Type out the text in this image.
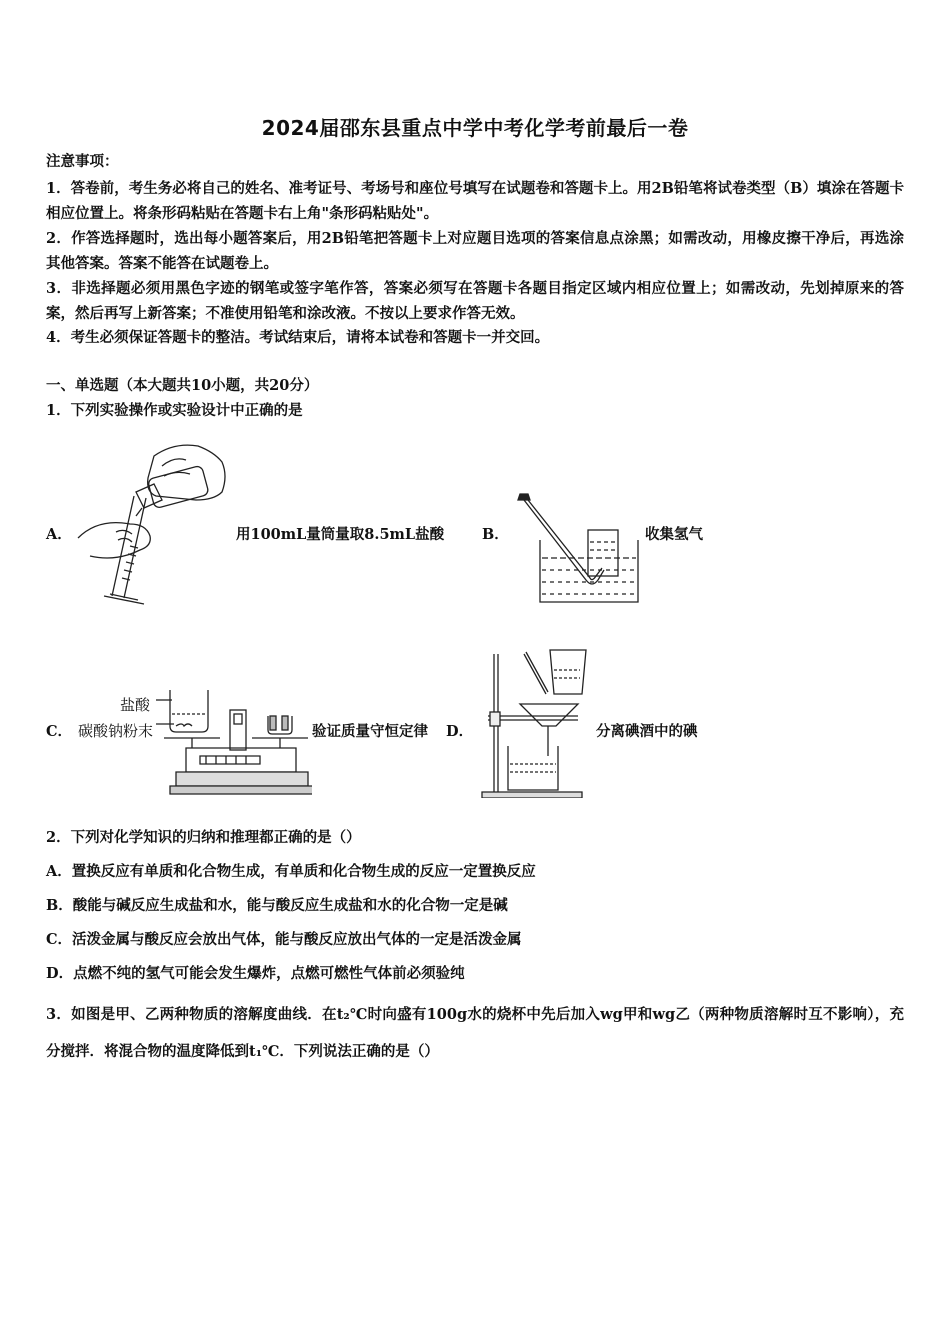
2024届邵东县重点中学中考化学考前最后一卷
注意事项：
1．答卷前，考生务必将自己的姓名、准考证号、考场号和座位号填写在试题卷和答题卡上。用2B铅笔将试卷类型（B）填涂在答题卡相应位置上。将条形码粘贴在答题卡右上角"条形码粘贴处"。
2．作答选择题时，选出每小题答案后，用2B铅笔把答题卡上对应题目选项的答案信息点涂黑；如需改动，用橡皮擦干净后，再选涂其他答案。答案不能答在试题卷上。
3．非选择题必须用黑色字迹的钢笔或签字笔作答，答案必须写在答题卡各题目指定区域内相应位置上；如需改动，先划掉原来的答案，然后再写上新答案；不准使用铅笔和涂改液。不按以上要求作答无效。
4．考生必须保证答题卡的整洁。考试结束后，请将本试卷和答题卡一并交回。
一、单选题（本大题共10小题，共20分）
1．下列实验操作或实验设计中正确的是
A．	用100mL量筒量取8.5mL盐酸	B．	收集氢气
C．
盐酸
碳酸钠粉末	验证质量守恒定律 D．	分离碘酒中的碘
2．下列对化学知识的归纳和推理都正确的是（）
A．置换反应有单质和化合物生成，有单质和化合物生成的反应一定置换反应
B．酸能与碱反应生成盐和水，能与酸反应生成盐和水的化合物一定是碱
C．活泼金属与酸反应会放出气体，能与酸反应放出气体的一定是活泼金属
D．点燃不纯的氢气可能会发生爆炸，点燃可燃性气体前必须验纯
3．如图是甲、乙两种物质的溶解度曲线．在t₂℃时向盛有100g水的烧杯中先后加入wg甲和wg乙（两种物质溶解时互不影响），充分搅拌．将混合物的温度降低到t₁℃．下列说法正确的是（）
